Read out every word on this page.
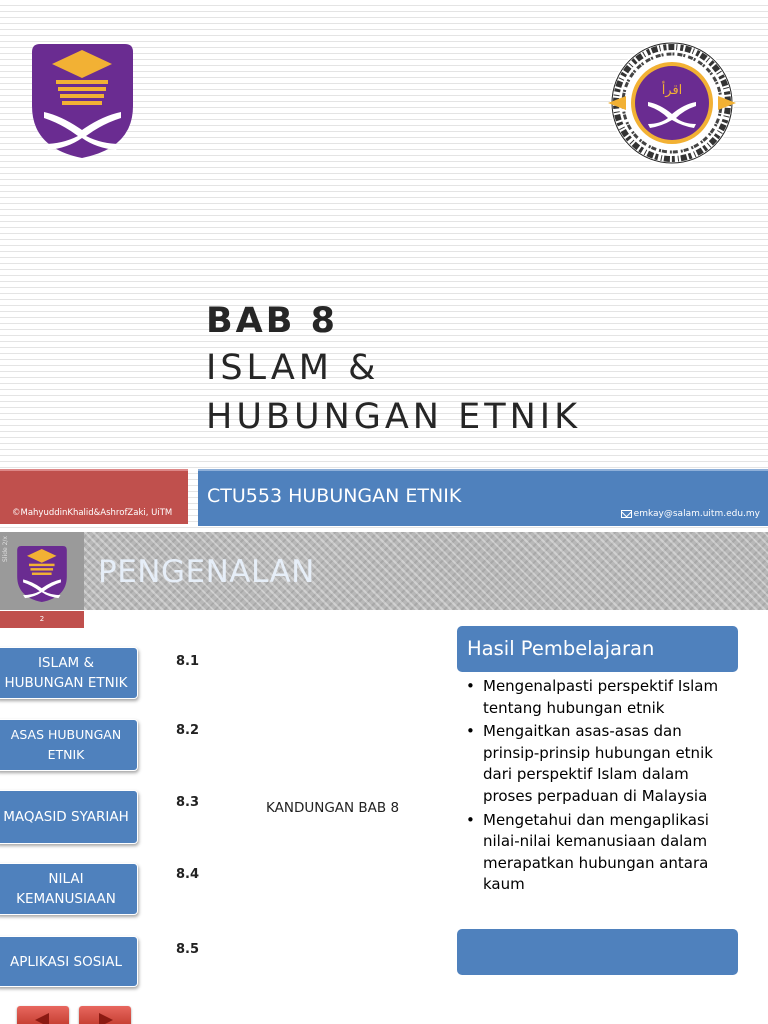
اقرأ
BAB 8
ISLAM &
HUBUNGAN ETNIK
©MahyuddinKhalid&AshrofZaki, UiTM
CTU553 HUBUNGAN ETNIK
emkay@salam.uitm.edu.my
Slide 2/x
PENGENALAN
2
ISLAM &
HUBUNGAN ETNIK
8.1
ASAS HUBUNGAN
ETNIK
8.2
MAQASID SYARIAH
8.3
NILAI
KEMANUSIAAN
8.4
APLIKASI SOSIAL
8.5
KANDUNGAN BAB 8
Hasil Pembelajaran
• Mengenalpasti perspektif Islam tentang hubungan etnik
• Mengaitkan asas-asas dan prinsip-prinsip hubungan etnik dari perspektif Islam dalam proses perpaduan di Malaysia
• Mengetahui dan mengaplikasi nilai-nilai kemanusiaan dalam merapatkan hubungan antara kaum
